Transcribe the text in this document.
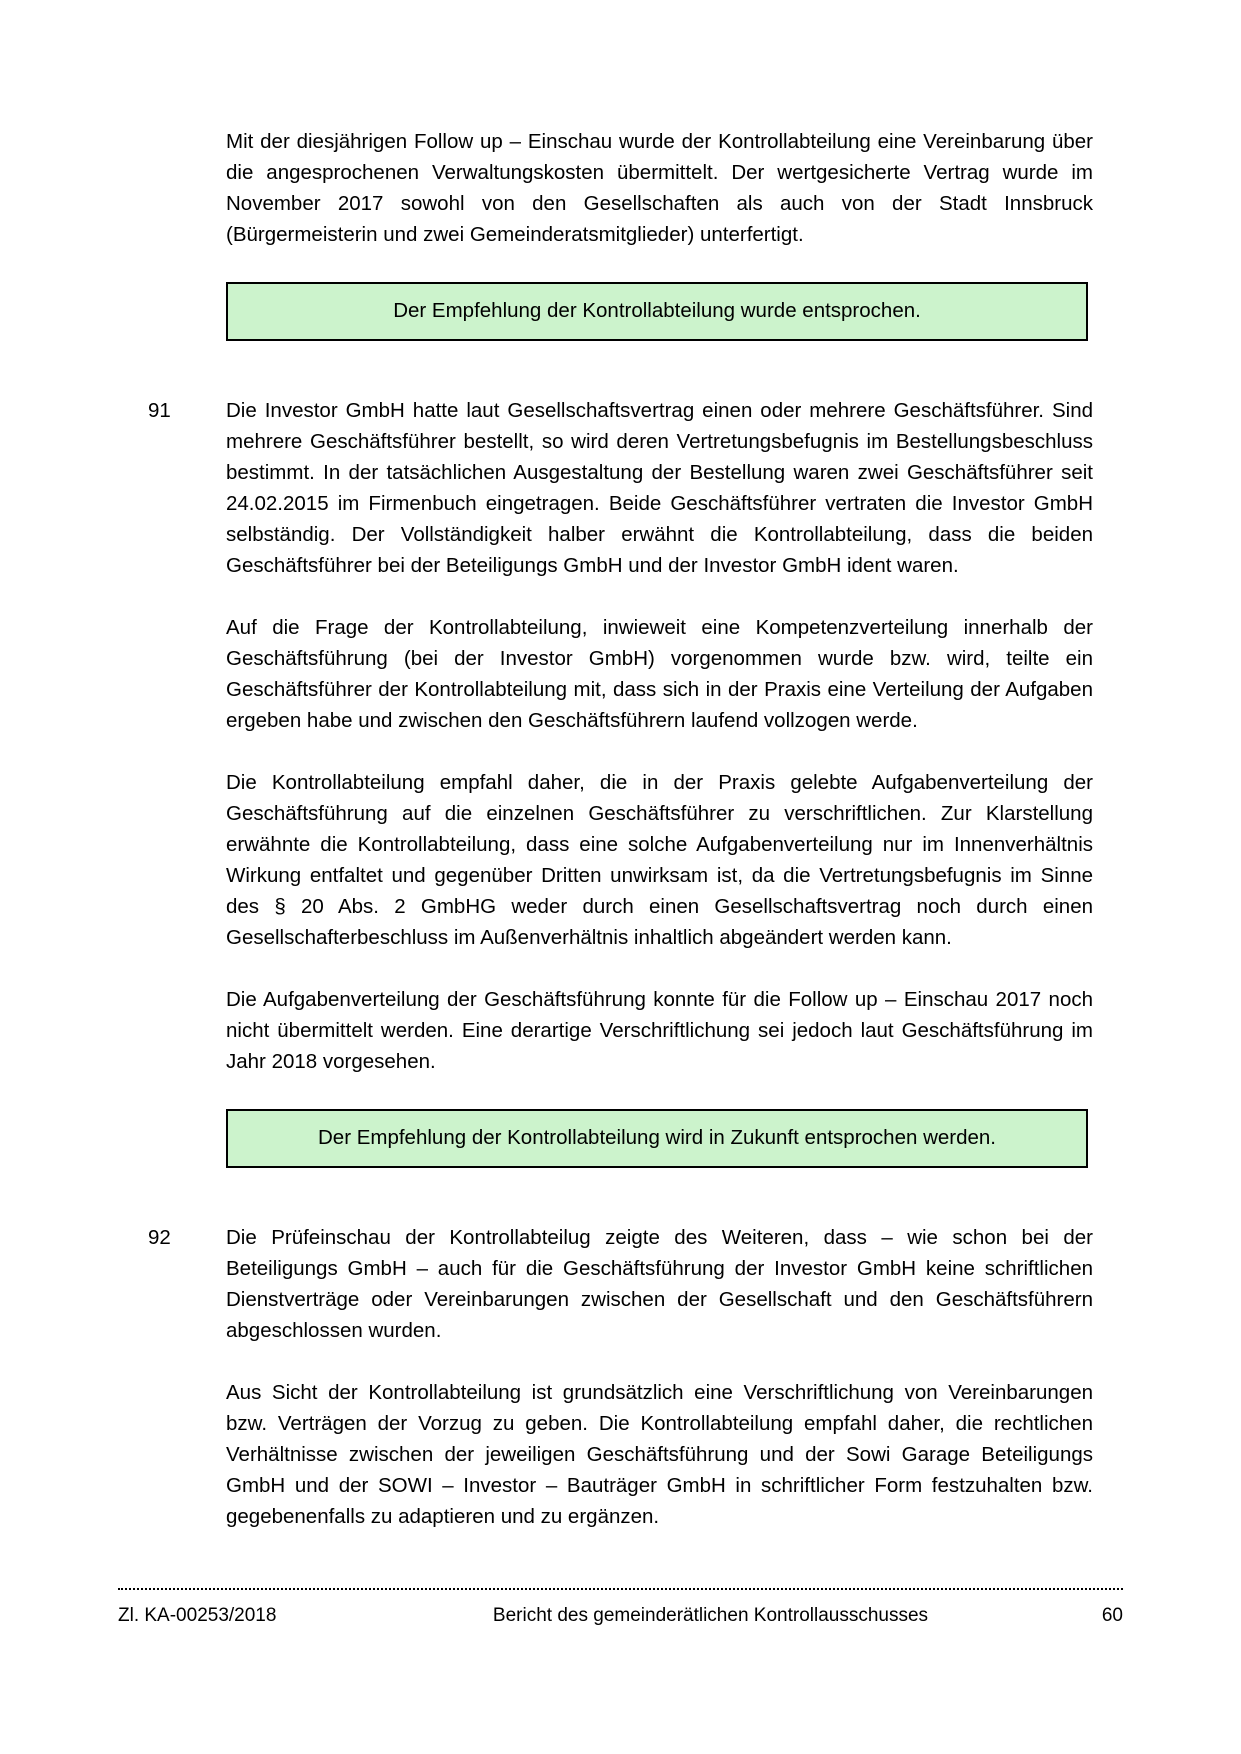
Mit der diesjährigen Follow up – Einschau wurde der Kontrollabteilung eine Vereinbarung über die angesprochenen Verwaltungskosten übermittelt. Der wertgesicherte Vertrag wurde im November 2017 sowohl von den Gesellschaften als auch von der Stadt Innsbruck (Bürgermeisterin und zwei Gemeinderatsmitglieder) unterfertigt.

Der Empfehlung der Kontrollabteilung wurde entsprochen.
91	Die Investor GmbH hatte laut Gesellschaftsvertrag einen oder mehrere Geschäftsführer. Sind mehrere Geschäftsführer bestellt, so wird deren Vertretungsbefugnis im Bestellungsbeschluss bestimmt. In der tatsächlichen Ausgestaltung der Bestellung waren zwei Geschäftsführer seit 24.02.2015 im Firmenbuch eingetragen. Beide Geschäftsführer vertraten die Investor GmbH selbständig. Der Vollständigkeit halber erwähnt die Kontrollabteilung, dass die beiden Geschäftsführer bei der Beteiligungs GmbH und der Investor GmbH ident waren.

Auf die Frage der Kontrollabteilung, inwieweit eine Kompetenzverteilung innerhalb der Geschäftsführung (bei der Investor GmbH) vorgenommen wurde bzw. wird, teilte ein Geschäftsführer der Kontrollabteilung mit, dass sich in der Praxis eine Verteilung der Aufgaben ergeben habe und zwischen den Geschäftsführern laufend vollzogen werde.

Die Kontrollabteilung empfahl daher, die in der Praxis gelebte Aufgabenverteilung der Geschäftsführung auf die einzelnen Geschäftsführer zu verschriftlichen. Zur Klarstellung erwähnte die Kontrollabteilung, dass eine solche Aufgabenverteilung nur im Innenverhältnis Wirkung entfaltet und gegenüber Dritten unwirksam ist, da die Vertretungsbefugnis im Sinne des § 20 Abs. 2 GmbHG weder durch einen Gesellschaftsvertrag noch durch einen Gesellschafterbeschluss im Außenverhältnis inhaltlich abgeändert werden kann.

Die Aufgabenverteilung der Geschäftsführung konnte für die Follow up – Einschau 2017 noch nicht übermittelt werden. Eine derartige Verschriftlichung sei jedoch laut Geschäftsführung im Jahr 2018 vorgesehen.

Der Empfehlung der Kontrollabteilung wird in Zukunft entsprochen werden.
92	Die Prüfeinschau der Kontrollabteilug zeigte des Weiteren, dass – wie schon bei der Beteiligungs GmbH – auch für die Geschäftsführung der Investor GmbH keine schriftlichen Dienstverträge oder Vereinbarungen zwischen der Gesellschaft und den Geschäftsführern abgeschlossen wurden.

Aus Sicht der Kontrollabteilung ist grundsätzlich eine Verschriftlichung von Vereinbarungen bzw. Verträgen der Vorzug zu geben. Die Kontrollabteilung empfahl daher, die rechtlichen Verhältnisse zwischen der jeweiligen Geschäftsführung und der Sowi Garage Beteiligungs GmbH und der SOWI – Investor – Bauträger GmbH in schriftlicher Form festzuhalten bzw. gegebenenfalls zu adaptieren und zu ergänzen.

Zl. KA-00253/2018	Bericht des gemeinderätlichen Kontrollausschusses	60
